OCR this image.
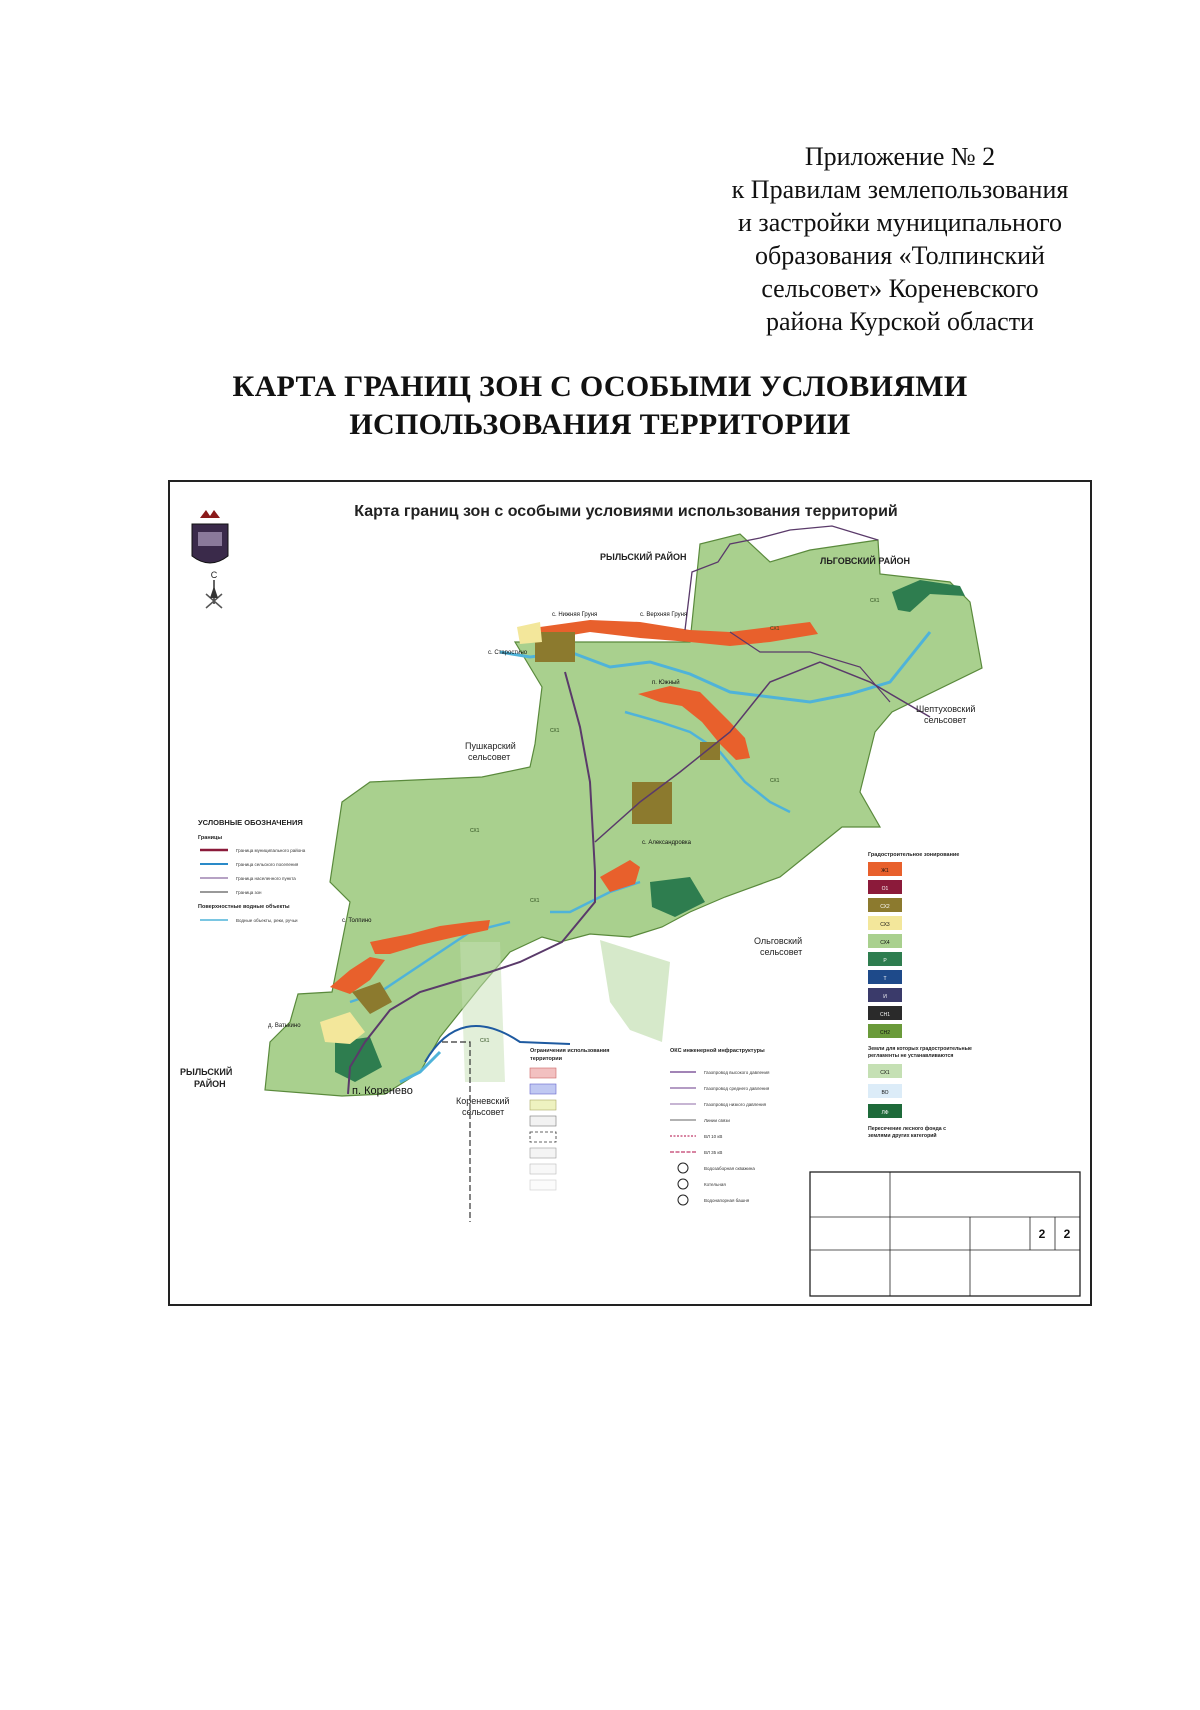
Приложение № 2
к Правилам землепользования
и застройки муниципального
образования «Толпинский
сельсовет» Кореневского
района Курской области
КАРТА ГРАНИЦ ЗОН С ОСОБЫМИ УСЛОВИЯМИ
ИСПОЛЬЗОВАНИЯ ТЕРРИТОРИИ
Карта границ зон с особыми условиями использования территорий
С
РЫЛЬСКИЙ РАЙОН	ЛЬГОВСКИЙ РАЙОН
Шептуховский
сельсовет
Пушкарский
сельсовет
Ольговский
сельсовет
РЫЛЬСКИЙ
РАЙОН
Кореневский
сельсовет
п. Коренево
с. Нижняя Груня	с. Верхняя Груня
п. Южный
с. Александровка
с. Толпино
с. Старостино
д. Ватькино
СХ1
СХ1
СХ1
СХ1
СХ1
СХ1
СХ1
УСЛОВНЫЕ ОБОЗНАЧЕНИЯ
Границы
Граница муниципального района
Граница сельского поселения
Граница населенного пункта
Граница зон
Поверхностные водные объекты
Водные объекты, реки, ручьи
Ограничения использования
территории
ОКС инженерной инфраструктуры
Газопровод высокого давления
Газопровод среднего давления
Газопровод низкого давления
Линии связи
ВЛ 10 кВ
ВЛ 35 кВ
Водозаборная скважина
Котельная
Водонапорная башня
Градостроительное зонирование
Ж1
О1
СХ2
СХ3
СХ4
Р
Т
И
СН1
СН2
Земли для которых градостроительные
регламенты не устанавливаются
СХ1
ВО
ЛФ
Пересечение лесного фонда с
землями других категорий
2 2
